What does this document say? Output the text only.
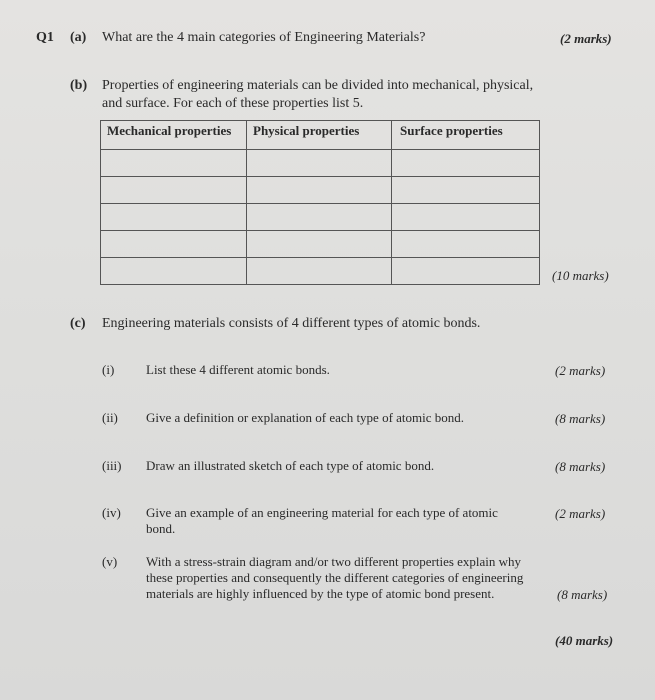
Q1 (a) What are the 4 main categories of Engineering Materials?	(2 marks)
(b) Properties of engineering materials can be divided into mechanical, physical,
and surface. For each of these properties list 5.
Mechanical properties	Physical properties	Surface properties

(10 marks)
(c) Engineering materials consists of 4 different types of atomic bonds.
(i) List these 4 different atomic bonds.	(2 marks)
(ii) Give a definition or explanation of each type of atomic bond.	(8 marks)
(iii) Draw an illustrated sketch of each type of atomic bond.	(8 marks)
(iv) Give an example of an engineering material for each type of atomic
bond.
(2 marks)
(v) With a stress-strain diagram and/or two different properties explain why
these properties and consequently the different categories of engineering
materials are highly influenced by the type of atomic bond present.	(8 marks)
(40 marks)
